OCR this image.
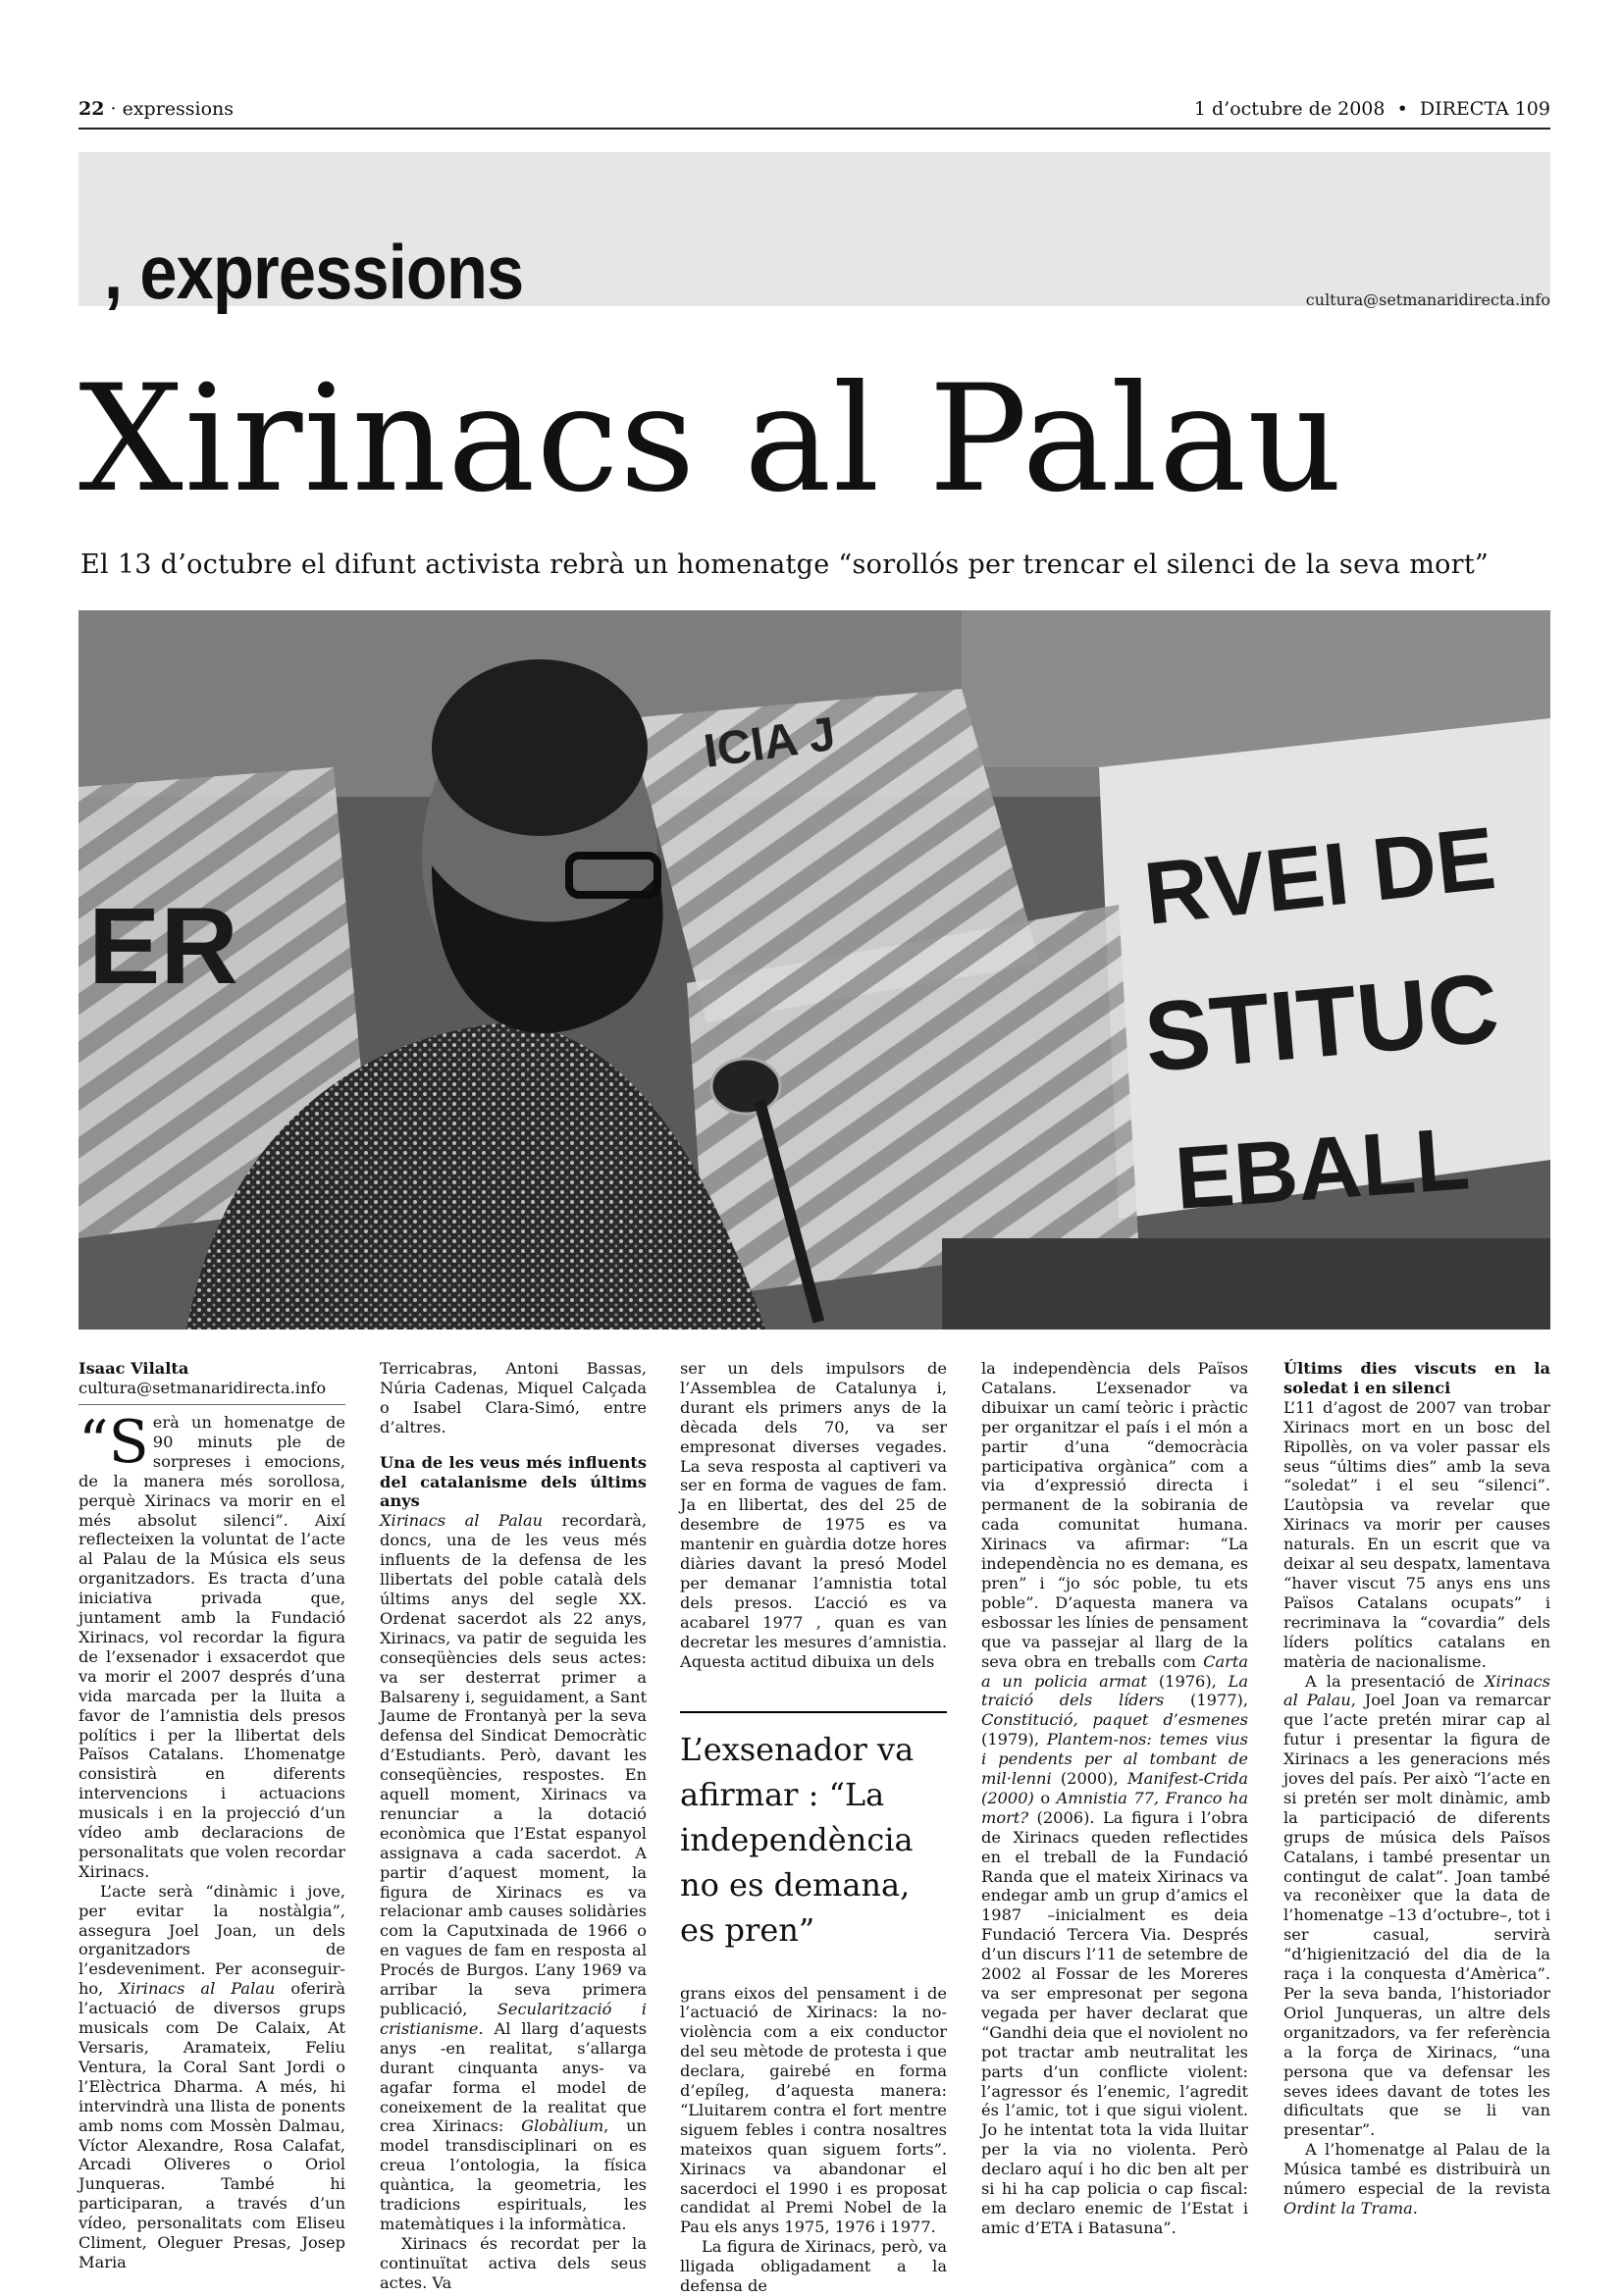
22 · expressions	1 d’octubre de 2008  •  DIRECTA 109
, expressions	cultura@setmanaridirecta.info
Xirinacs al Palau
El 13 d’octubre el difunt activista rebrà un homenatge “sorollós per trencar el silenci de la seva mort”
ICIA J
ER
RVEI DE
STITUC
EBALL
Isaac Vilalta
cultura@setmanaridirecta.info

“Serà un homenatge de 90 minuts ple de sorpreses i emocions, de la manera més sorollosa, perquè Xirinacs va morir en el més absolut silenci”. Així reflecteixen la voluntat de l’acte al Palau de la Música els seus organitzadors. Es tracta d’una iniciativa privada que, juntament amb la Fundació Xirinacs, vol recordar la figura de l’exsenador i exsacerdot que va morir el 2007 després d’una vida marcada per la lluita a favor de l’amnistia dels presos polítics i per la llibertat dels Països Catalans. L’homenatge consistirà en diferents intervencions i actuacions musicals i en la projecció d’un vídeo amb declaracions de personalitats que volen recordar Xirinacs.

L’acte serà “dinàmic i jove, per evitar la nostàlgia”, assegura Joel Joan, un dels organitzadors de l’esdeveniment. Per aconseguir-ho, Xirinacs al Palau oferirà l’actuació de diversos grups musicals com De Calaix, At Versaris, Aramateix, Feliu Ventura, la Coral Sant Jordi o l’Elèctrica Dharma. A més, hi intervindrà una llista de ponents amb noms com Mossèn Dalmau, Víctor Alexandre, Rosa Calafat, Arcadi Oliveres o Oriol Junqueras. També hi participaran, a través d’un vídeo, personalitats com Eliseu Climent, Oleguer Presas, Josep Maria

Terricabras, Antoni Bassas, Núria Cadenas, Miquel Calçada o Isabel Clara-Simó, entre d’altres.

Una de les veus més influents del catalanisme dels últims anys

Xirinacs al Palau recordarà, doncs, una de les veus més influents de la defensa de les llibertats del poble català dels últims anys del segle XX. Ordenat sacerdot als 22 anys, Xirinacs, va patir de seguida les conseqüències dels seus actes: va ser desterrat primer a Balsareny i, seguidament, a Sant Jaume de Frontanyà per la seva defensa del Sindicat Democràtic d’Estudiants. Però, davant les conseqüències, respostes. En aquell moment, Xirinacs va renunciar a la dotació econòmica que l’Estat espanyol assignava a cada sacerdot. A partir d’aquest moment, la figura de Xirinacs es va relacionar amb causes solidàries com la Caputxinada de 1966 o en vagues de fam en resposta al Procés de Burgos. L’any 1969 va arribar la seva primera publicació, Secularització i cristianisme. Al llarg d’aquests anys -en realitat, s’allarga durant cinquanta anys- va agafar forma el model de coneixement de la realitat que crea Xirinacs: Globàlium, un model transdisciplinari on es creua l’ontologia, la física quàntica, la geometria, les tradicions espirituals, les matemàtiques i la informàtica.

Xirinacs és recordat per la continuïtat activa dels seus actes. Va

ser un dels impulsors de l’Assemblea de Catalunya i, durant els primers anys de la dècada dels 70, va ser empresonat diverses vegades. La seva resposta al captiveri va ser en forma de vagues de fam. Ja en llibertat, des del 25 de desembre de 1975 es va mantenir en guàrdia dotze hores diàries davant la presó Model per demanar l’amnistia total dels presos. L’acció es va acabarel 1977 , quan es van decretar les mesures d’amnistia. Aquesta actitud dibuixa un dels

L’exsenador va afirmar : “La independència no es demana, es pren”

grans eixos del pensament i de l’actuació de Xirinacs: la no-violència com a eix conductor del seu mètode de protesta i que declara, gairebé en forma d’epíleg, d’aquesta manera: “Lluitarem contra el fort mentre siguem febles i contra nosaltres mateixos quan siguem forts”. Xirinacs va abandonar el sacerdoci el 1990 i es proposat candidat al Premi Nobel de la Pau els anys 1975, 1976 i 1977.

La figura de Xirinacs, però, va lligada obligadament a la defensa de

la independència dels Països Catalans. L’exsenador va dibuixar un camí teòric i pràctic per organitzar el país i el món a partir d’una “democràcia participativa orgànica” com a via d’expressió directa i permanent de la sobirania de cada comunitat humana. Xirinacs va afirmar: “La independència no es demana, es pren” i “jo sóc poble, tu ets poble”. D’aquesta manera va esbossar les línies de pensament que va passejar al llarg de la seva obra en treballs com Carta a un policia armat (1976), La traició dels líders (1977), Constitució, paquet d’esmenes (1979), Plantem-nos: temes vius i pendents per al tombant de mil·lenni (2000), Manifest-Crida (2000) o Amnistia 77, Franco ha mort? (2006). La figura i l’obra de Xirinacs queden reflectides en el treball de la Fundació Randa que el mateix Xirinacs va endegar amb un grup d’amics el 1987 –inicialment es deia Fundació Tercera Via. Després d’un discurs l’11 de setembre de 2002 al Fossar de les Moreres va ser empresonat per segona vegada per haver declarat que “Gandhi deia que el noviolent no pot tractar amb neutralitat les parts d’un conflicte violent: l’agressor és l’enemic, l’agredit és l’amic, tot i que sigui violent. Jo he intentat tota la vida lluitar per la via no violenta. Però declaro aquí i ho dic ben alt per si hi ha cap policia o cap fiscal: em declaro enemic de l’Estat i amic d’ETA i Batasuna”.

Últims dies viscuts en la soledat i en silenci

L’11 d’agost de 2007 van trobar Xirinacs mort en un bosc del Ripollès, on va voler passar els seus “últims dies” amb la seva “soledat” i el seu “silenci”. L’autòpsia va revelar que Xirinacs va morir per causes naturals. En un escrit que va deixar al seu despatx, lamentava “haver viscut 75 anys ens uns Països Catalans ocupats” i recriminava la “covardia” dels líders polítics catalans en matèria de nacionalisme.

A la presentació de Xirinacs al Palau, Joel Joan va remarcar que l’acte pretén mirar cap al futur i presentar la figura de Xirinacs a les generacions més joves del país. Per això “l’acte en si pretén ser molt dinàmic, amb la participació de diferents grups de música dels Països Catalans, i també presentar un contingut de calat”. Joan també va reconèixer que la data de l’homenatge –13 d’octubre–, tot i ser casual, servirà “d’higienització del dia de la raça i la conquesta d’Amèrica”. Per la seva banda, l’historiador Oriol Junqueras, un altre dels organitzadors, va fer referència a la força de Xirinacs, “una persona que va defensar les seves idees davant de totes les dificultats que se li van presentar”.

A l’homenatge al Palau de la Música també es distribuirà un número especial de la revista Ordint la Trama.
